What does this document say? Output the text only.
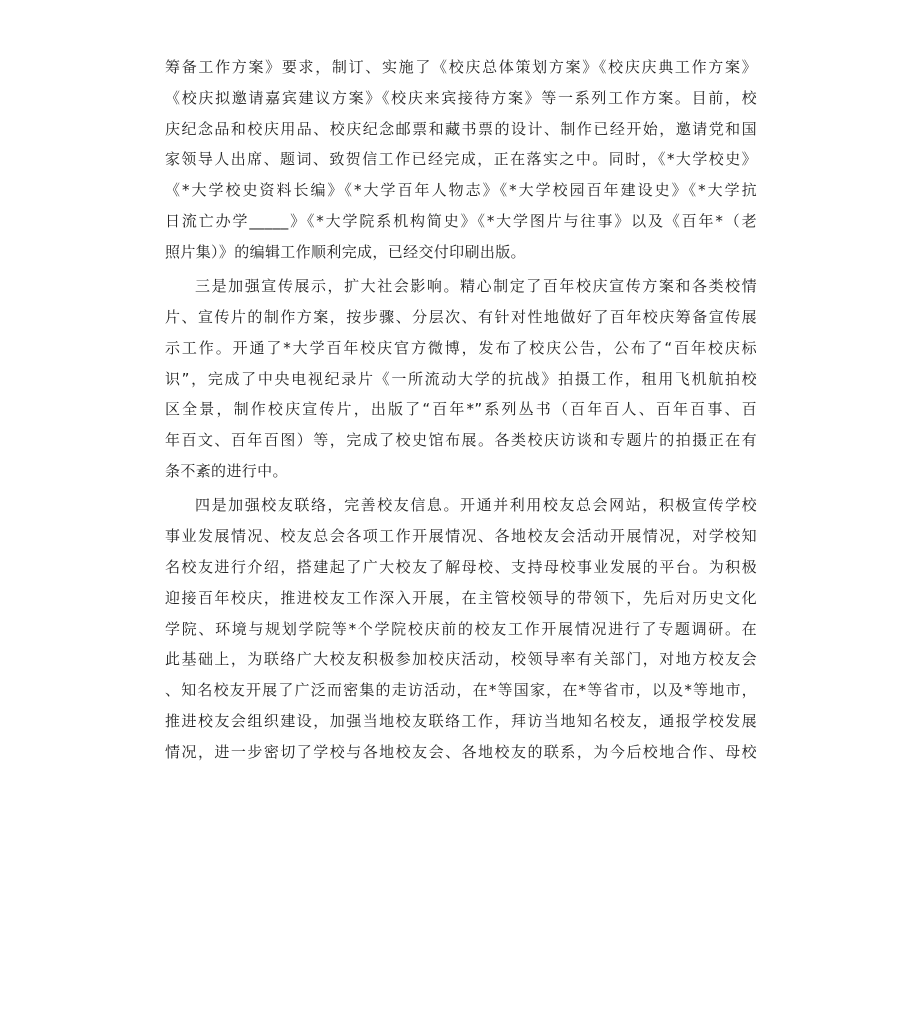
筹备工作方案》要求，制订、实施了《校庆总体策划方案》《校庆庆典工作方案》
《校庆拟邀请嘉宾建议方案》《校庆来宾接待方案》等一系列工作方案。目前，校
庆纪念品和校庆用品、校庆纪念邮票和藏书票的设计、制作已经开始，邀请党和国
家领导人出席、题词、致贺信工作已经完成，正在落实之中。同时，《*大学校史》
《*大学校史资料长编》《*大学百年人物志》《*大学校园百年建设史》《*大学抗
日流亡办学_____》《*大学院系机构简史》《*大学图片与往事》以及《百年*（老
照片集）》的编辑工作顺利完成，已经交付印刷出版。
三是加强宣传展示，扩大社会影响。精心制定了百年校庆宣传方案和各类校情
片、宣传片的制作方案，按步骤、分层次、有针对性地做好了百年校庆筹备宣传展
示工作。开通了*大学百年校庆官方微博，发布了校庆公告，公布了“百年校庆标
识”，完成了中央电视纪录片《一所流动大学的抗战》拍摄工作，租用飞机航拍校
区全景，制作校庆宣传片，出版了“百年*”系列丛书（百年百人、百年百事、百
年百文、百年百图）等，完成了校史馆布展。各类校庆访谈和专题片的拍摄正在有
条不紊的进行中。
四是加强校友联络，完善校友信息。开通并利用校友总会网站，积极宣传学校
事业发展情况、校友总会各项工作开展情况、各地校友会活动开展情况，对学校知
名校友进行介绍，搭建起了广大校友了解母校、支持母校事业发展的平台。为积极
迎接百年校庆，推进校友工作深入开展，在主管校领导的带领下，先后对历史文化
学院、环境与规划学院等*个学院校庆前的校友工作开展情况进行了专题调研。在
此基础上，为联络广大校友积极参加校庆活动，校领导率有关部门，对地方校友会
、知名校友开展了广泛而密集的走访活动，在*等国家，在*等省市，以及*等地市，
推进校友会组织建设，加强当地校友联络工作，拜访当地知名校友，通报学校发展
情况，进一步密切了学校与各地校友会、各地校友的联系，为今后校地合作、母校
